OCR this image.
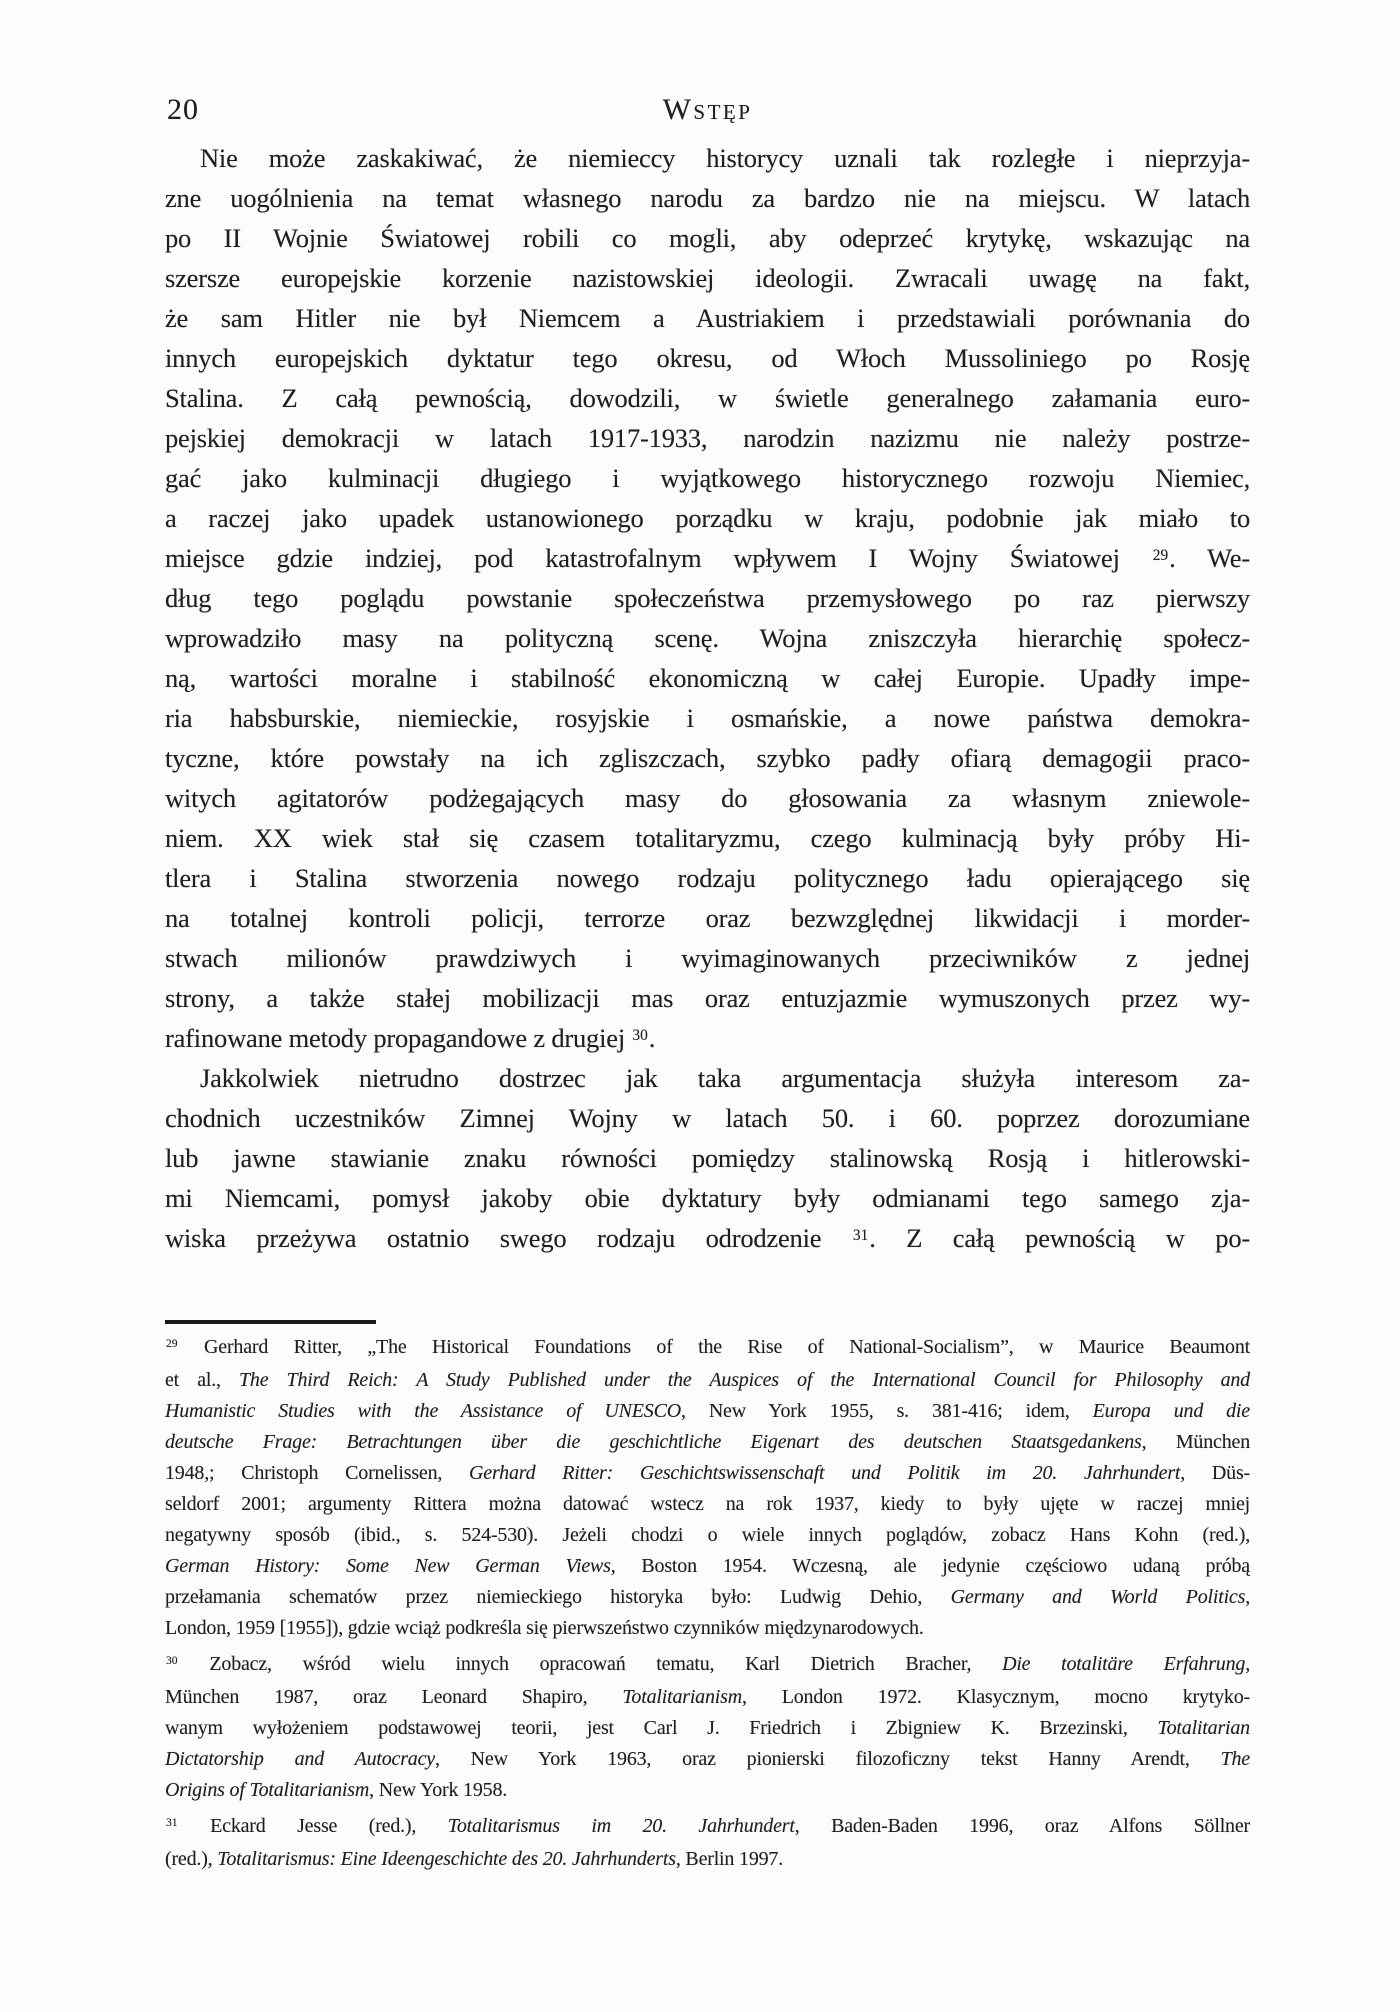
20	Wstęp
Nie może zaskakiwać, że niemieccy historycy uznali tak rozległe i nieprzyja-
zne uogólnienia na temat własnego narodu za bardzo nie na miejscu. W latach
po II Wojnie Światowej robili co mogli, aby odeprzeć krytykę, wskazując na
szersze europejskie korzenie nazistowskiej ideologii. Zwracali uwagę na fakt,
że sam Hitler nie był Niemcem a Austriakiem i przedstawiali porównania do
innych europejskich dyktatur tego okresu, od Włoch Mussoliniego po Rosję
Stalina. Z całą pewnością, dowodzili, w świetle generalnego załamania euro-
pejskiej demokracji w latach 1917-1933, narodzin nazizmu nie należy postrze-
gać jako kulminacji długiego i wyjątkowego historycznego rozwoju Niemiec,
a raczej jako upadek ustanowionego porządku w kraju, podobnie jak miało to
miejsce gdzie indziej, pod katastrofalnym wpływem I Wojny Światowej $^{29}$. We-
dług tego poglądu powstanie społeczeństwa przemysłowego po raz pierwszy
wprowadziło masy na polityczną scenę. Wojna zniszczyła hierarchię społecz-
ną, wartości moralne i stabilność ekonomiczną w całej Europie. Upadły impe-
ria habsburskie, niemieckie, rosyjskie i osmańskie, a nowe państwa demokra-
tyczne, które powstały na ich zgliszczach, szybko padły ofiarą demagogii praco-
witych agitatorów podżegających masy do głosowania za własnym zniewole-
niem. XX wiek stał się czasem totalitaryzmu, czego kulminacją były próby Hi-
tlera i Stalina stworzenia nowego rodzaju politycznego ładu opierającego się
na totalnej kontroli policji, terrorze oraz bezwzględnej likwidacji i morder-
stwach milionów prawdziwych i wyimaginowanych przeciwników z jednej
strony, a także stałej mobilizacji mas oraz entuzjazmie wymuszonych przez wy-
rafinowane metody propagandowe z drugiej $^{30}$.
Jakkolwiek nietrudno dostrzec jak taka argumentacja służyła interesom za-
chodnich uczestników Zimnej Wojny w latach 50. i 60. poprzez dorozumiane
lub jawne stawianie znaku równości pomiędzy stalinowską Rosją i hitlerowski-
mi Niemcami, pomysł jakoby obie dyktatury były odmianami tego samego zja-
wiska przeżywa ostatnio swego rodzaju odrodzenie $^{31}$. Z całą pewnością w po-
$^{29}$ Gerhard Ritter, „The Historical Foundations of the Rise of National-Socialism”, w Maurice Beaumont
et al., The Third Reich: A Study Published under the Auspices of the International Council for Philosophy and
Humanistic Studies with the Assistance of UNESCO, New York 1955, s. 381-416; idem, Europa und die
deutsche Frage: Betrachtungen über die geschichtliche Eigenart des deutschen Staatsgedankens, München
1948,; Christoph Cornelissen, Gerhard Ritter: Geschichtswissenschaft und Politik im 20. Jahrhundert, Düs-
seldorf 2001; argumenty Rittera można datować wstecz na rok 1937, kiedy to były ujęte w raczej mniej
negatywny sposób (ibid., s. 524-530). Jeżeli chodzi o wiele innych poglądów, zobacz Hans Kohn (red.),
German History: Some New German Views, Boston 1954. Wczesną, ale jedynie częściowo udaną próbą
przełamania schematów przez niemieckiego historyka było: Ludwig Dehio, Germany and World Politics,
London, 1959 [1955]), gdzie wciąż podkreśla się pierwszeństwo czynników międzynarodowych.
$^{30}$ Zobacz, wśród wielu innych opracowań tematu, Karl Dietrich Bracher, Die totalitäre Erfahrung,
München 1987, oraz Leonard Shapiro, Totalitarianism, London 1972. Klasycznym, mocno krytyko-
wanym wyłożeniem podstawowej teorii, jest Carl J. Friedrich i Zbigniew K. Brzezinski, Totalitarian
Dictatorship and Autocracy, New York 1963, oraz pionierski filozoficzny tekst Hanny Arendt, The
Origins of Totalitarianism, New York 1958.
$^{31}$ Eckard Jesse (red.), Totalitarismus im 20. Jahrhundert, Baden-Baden 1996, oraz Alfons Söllner
(red.), Totalitarismus: Eine Ideengeschichte des 20. Jahrhunderts, Berlin 1997.
